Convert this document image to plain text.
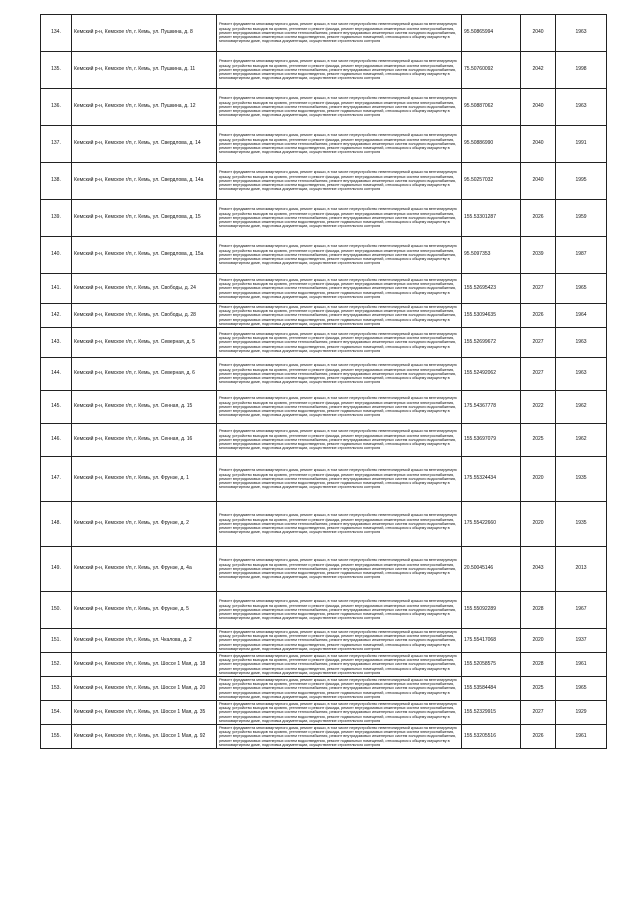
134.	Кемский р-н, Кемское г/п, г. Кемь, ул. Пушкина, д. 8	Ремонт фундамента многоквартирного дома, ремонт крыши, в том числе переустройство невентилируемой крыши на вентилируемую крышу, устройство выходов на кровлю, утепление и ремонт фасада, ремонт внутридомовых инженерных систем электроснабжения, ремонт внутридомовых инженерных систем теплоснабжения, ремонт внутридомовых инженерных систем холодного водоснабжения, ремонт внутридомовых инженерных систем водоотведения, ремонт подвальных помещений, относящихся к общему имуществу в многоквартирном доме, подготовка документации, осуществление строительного контроля	95.50865994	2040	1963
135.	Кемский р-н, Кемское г/п, г. Кемь, ул. Пушкина, д. 11	Ремонт фундамента многоквартирного дома, ремонт крыши, в том числе переустройство невентилируемой крыши на вентилируемую крышу, устройство выходов на кровлю, утепление и ремонт фасада, ремонт внутридомовых инженерных систем электроснабжения, ремонт внутридомовых инженерных систем теплоснабжения, ремонт внутридомовых инженерных систем холодного водоснабжения, ремонт внутридомовых инженерных систем водоотведения, ремонт подвальных помещений, относящихся к общему имуществу в многоквартирном доме, подготовка документации, осуществление строительного контроля	75.50760092	2042	1998
136.	Кемский р-н, Кемское г/п, г. Кемь, ул. Пушкина, д. 12	Ремонт фундамента многоквартирного дома, ремонт крыши, в том числе переустройство невентилируемой крыши на вентилируемую крышу, устройство выходов на кровлю, утепление и ремонт фасада, ремонт внутридомовых инженерных систем электроснабжения, ремонт внутридомовых инженерных систем теплоснабжения, ремонт внутридомовых инженерных систем холодного водоснабжения, ремонт внутридомовых инженерных систем водоотведения, ремонт подвальных помещений, относящихся к общему имуществу в многоквартирном доме, подготовка документации, осуществление строительного контроля	95.50887062	2040	1963
137.	Кемский р-н, Кемское г/п, г. Кемь, ул. Свердлова, д. 14	Ремонт фундамента многоквартирного дома, ремонт крыши, в том числе переустройство невентилируемой крыши на вентилируемую крышу, устройство выходов на кровлю, утепление и ремонт фасада, ремонт внутридомовых инженерных систем электроснабжения, ремонт внутридомовых инженерных систем теплоснабжения, ремонт внутридомовых инженерных систем холодного водоснабжения, ремонт внутридомовых инженерных систем водоотведения, ремонт подвальных помещений, относящихся к общему имуществу в многоквартирном доме, подготовка документации, осуществление строительного контроля	95.50886990	2040	1991
138.	Кемский р-н, Кемское г/п, г. Кемь, ул. Свердлова, д. 14а	Ремонт фундамента многоквартирного дома, ремонт крыши, в том числе переустройство невентилируемой крыши на вентилируемую крышу, устройство выходов на кровлю, утепление и ремонт фасада, ремонт внутридомовых инженерных систем электроснабжения, ремонт внутридомовых инженерных систем теплоснабжения, ремонт внутридомовых инженерных систем холодного водоснабжения, ремонт внутридомовых инженерных систем водоотведения, ремонт подвальных помещений, относящихся к общему имуществу в многоквартирном доме, подготовка документации, осуществление строительного контроля	95.50257032	2040	1995
139.	Кемский р-н, Кемское г/п, г. Кемь, ул. Свердлова, д. 15	Ремонт фундамента многоквартирного дома, ремонт крыши, в том числе переустройство невентилируемой крыши на вентилируемую крышу, устройство выходов на кровлю, утепление и ремонт фасада, ремонт внутридомовых инженерных систем электроснабжения, ремонт внутридомовых инженерных систем теплоснабжения, ремонт внутридомовых инженерных систем холодного водоснабжения, ремонт внутридомовых инженерных систем водоотведения, ремонт подвальных помещений, относящихся к общему имуществу в многоквартирном доме, подготовка документации, осуществление строительного контроля	155.53301287	2026	1959
140.	Кемский р-н, Кемское г/п, г. Кемь, ул. Свердлова, д. 15а	Ремонт фундамента многоквартирного дома, ремонт крыши, в том числе переустройство невентилируемой крыши на вентилируемую крышу, устройство выходов на кровлю, утепление и ремонт фасада, ремонт внутридомовых инженерных систем электроснабжения, ремонт внутридомовых инженерных систем теплоснабжения, ремонт внутридомовых инженерных систем холодного водоснабжения, ремонт внутридомовых инженерных систем водоотведения, ремонт подвальных помещений, относящихся к общему имуществу в многоквартирном доме, подготовка документации, осуществление строительного контроля	95.5097353	2039	1987
141.	Кемский р-н, Кемское г/п, г. Кемь, ул. Свободы, д. 24	Ремонт фундамента многоквартирного дома, ремонт крыши, в том числе переустройство невентилируемой крыши на вентилируемую крышу, устройство выходов на кровлю, утепление и ремонт фасада, ремонт внутридомовых инженерных систем электроснабжения, ремонт внутридомовых инженерных систем теплоснабжения, ремонт внутридомовых инженерных систем холодного водоснабжения, ремонт внутридомовых инженерных систем водоотведения, ремонт подвальных помещений, относящихся к общему имуществу в многоквартирном доме, подготовка документации, осуществление строительного контроля	155.52695423	2027	1965
142.	Кемский р-н, Кемское г/п, г. Кемь, ул. Свободы, д. 28	Ремонт фундамента многоквартирного дома, ремонт крыши, в том числе переустройство невентилируемой крыши на вентилируемую крышу, устройство выходов на кровлю, утепление и ремонт фасада, ремонт внутридомовых инженерных систем электроснабжения, ремонт внутридомовых инженерных систем теплоснабжения, ремонт внутридомовых инженерных систем холодного водоснабжения, ремонт внутридомовых инженерных систем водоотведения, ремонт подвальных помещений, относящихся к общему имуществу в многоквартирном доме, подготовка документации, осуществление строительного контроля	155.53094635	2026	1964
143.	Кемский р-н, Кемское г/п, г. Кемь, ул. Северная, д. 5	Ремонт фундамента многоквартирного дома, ремонт крыши, в том числе переустройство невентилируемой крыши на вентилируемую крышу, устройство выходов на кровлю, утепление и ремонт фасада, ремонт внутридомовых инженерных систем электроснабжения, ремонт внутридомовых инженерных систем теплоснабжения, ремонт внутридомовых инженерных систем холодного водоснабжения, ремонт внутридомовых инженерных систем водоотведения, ремонт подвальных помещений, относящихся к общему имуществу в многоквартирном доме, подготовка документации, осуществление строительного контроля	155.52699672	2027	1963
144.	Кемский р-н, Кемское г/п, г. Кемь, ул. Северная, д. 6	Ремонт фундамента многоквартирного дома, ремонт крыши, в том числе переустройство невентилируемой крыши на вентилируемую крышу, устройство выходов на кровлю, утепление и ремонт фасада, ремонт внутридомовых инженерных систем электроснабжения, ремонт внутридомовых инженерных систем теплоснабжения, ремонт внутридомовых инженерных систем холодного водоснабжения, ремонт внутридомовых инженерных систем водоотведения, ремонт подвальных помещений, относящихся к общему имуществу в многоквартирном доме, подготовка документации, осуществление строительного контроля	155.52492062	2027	1963
145.	Кемский р-н, Кемское г/п, г. Кемь, ул. Сенная, д. 15	Ремонт фундамента многоквартирного дома, ремонт крыши, в том числе переустройство невентилируемой крыши на вентилируемую крышу, устройство выходов на кровлю, утепление и ремонт фасада, ремонт внутридомовых инженерных систем электроснабжения, ремонт внутридомовых инженерных систем теплоснабжения, ремонт внутридомовых инженерных систем холодного водоснабжения, ремонт внутридомовых инженерных систем водоотведения, ремонт подвальных помещений, относящихся к общему имуществу в многоквартирном доме, подготовка документации, осуществление строительного контроля	175.54367778	2022	1962
146.	Кемский р-н, Кемское г/п, г. Кемь, ул. Сенная, д. 16	Ремонт фундамента многоквартирного дома, ремонт крыши, в том числе переустройство невентилируемой крыши на вентилируемую крышу, устройство выходов на кровлю, утепление и ремонт фасада, ремонт внутридомовых инженерных систем электроснабжения, ремонт внутридомовых инженерных систем теплоснабжения, ремонт внутридомовых инженерных систем холодного водоснабжения, ремонт внутридомовых инженерных систем водоотведения, ремонт подвальных помещений, относящихся к общему имуществу в многоквартирном доме, подготовка документации, осуществление строительного контроля	155.53697079	2025	1962
147.	Кемский р-н, Кемское г/п, г. Кемь, ул. Фрунзе, д. 1	Ремонт фундамента многоквартирного дома, ремонт крыши, в том числе переустройство невентилируемой крыши на вентилируемую крышу, устройство выходов на кровлю, утепление и ремонт фасада, ремонт внутридомовых инженерных систем электроснабжения, ремонт внутридомовых инженерных систем теплоснабжения, ремонт внутридомовых инженерных систем холодного водоснабжения, ремонт внутридомовых инженерных систем водоотведения, ремонт подвальных помещений, относящихся к общему имуществу в многоквартирном доме, подготовка документации, осуществление строительного контроля	175.55324434	2020	1935
148.	Кемский р-н, Кемское г/п, г. Кемь, ул. Фрунзе, д. 2	Ремонт фундамента многоквартирного дома, ремонт крыши, в том числе переустройство невентилируемой крыши на вентилируемую крышу, устройство выходов на кровлю, утепление и ремонт фасада, ремонт внутридомовых инженерных систем электроснабжения, ремонт внутридомовых инженерных систем теплоснабжения, ремонт внутридомовых инженерных систем холодного водоснабжения, ремонт внутридомовых инженерных систем водоотведения, ремонт подвальных помещений, относящихся к общему имуществу в многоквартирном доме, подготовка документации, осуществление строительного контроля	175.55422660	2020	1935
149.	Кемский р-н, Кемское г/п, г. Кемь, ул. Фрунзе, д. 4а	Ремонт фундамента многоквартирного дома, ремонт крыши, в том числе переустройство невентилируемой крыши на вентилируемую крышу, устройство выходов на кровлю, утепление и ремонт фасада, ремонт внутридомовых инженерных систем электроснабжения, ремонт внутридомовых инженерных систем теплоснабжения, ремонт внутридомовых инженерных систем холодного водоснабжения, ремонт внутридомовых инженерных систем водоотведения, ремонт подвальных помещений, относящихся к общему имуществу в многоквартирном доме, подготовка документации, осуществление строительного контроля	20.50045146	2043	2013
150.	Кемский р-н, Кемское г/п, г. Кемь, ул. Фрунзе, д. 5	Ремонт фундамента многоквартирного дома, ремонт крыши, в том числе переустройство невентилируемой крыши на вентилируемую крышу, устройство выходов на кровлю, утепление и ремонт фасада, ремонт внутридомовых инженерных систем электроснабжения, ремонт внутридомовых инженерных систем теплоснабжения, ремонт внутридомовых инженерных систем холодного водоснабжения, ремонт внутридомовых инженерных систем водоотведения, ремонт подвальных помещений, относящихся к общему имуществу в многоквартирном доме, подготовка документации, осуществление строительного контроля	155.55092289	2028	1967
151.	Кемский р-н, Кемское г/п, г. Кемь, ул. Чкалова, д. 2	Ремонт фундамента многоквартирного дома, ремонт крыши, в том числе переустройство невентилируемой крыши на вентилируемую крышу, устройство выходов на кровлю, утепление и ремонт фасада, ремонт внутридомовых инженерных систем электроснабжения, ремонт внутридомовых инженерных систем теплоснабжения, ремонт внутридомовых инженерных систем холодного водоснабжения, ремонт внутридомовых инженерных систем водоотведения, ремонт подвальных помещений, относящихся к общему имуществу в многоквартирном доме, подготовка документации, осуществление строительного контроля	175.55417068	2020	1937
152.	Кемский р-н, Кемское г/п, г. Кемь, ул. Шоссе 1 Мая, д. 18	Ремонт фундамента многоквартирного дома, ремонт крыши, в том числе переустройство невентилируемой крыши на вентилируемую крышу, устройство выходов на кровлю, утепление и ремонт фасада, ремонт внутридомовых инженерных систем электроснабжения, ремонт внутридомовых инженерных систем теплоснабжения, ремонт внутридомовых инженерных систем холодного водоснабжения, ремонт внутридомовых инженерных систем водоотведения, ремонт подвальных помещений, относящихся к общему имуществу в многоквартирном доме, подготовка документации, осуществление строительного контроля	155.52058575	2028	1961
153.	Кемский р-н, Кемское г/п, г. Кемь, ул. Шоссе 1 Мая, д. 20	Ремонт фундамента многоквартирного дома, ремонт крыши, в том числе переустройство невентилируемой крыши на вентилируемую крышу, устройство выходов на кровлю, утепление и ремонт фасада, ремонт внутридомовых инженерных систем электроснабжения, ремонт внутридомовых инженерных систем теплоснабжения, ремонт внутридомовых инженерных систем холодного водоснабжения, ремонт внутридомовых инженерных систем водоотведения, ремонт подвальных помещений, относящихся к общему имуществу в многоквартирном доме, подготовка документации, осуществление строительного контроля	155.53584484	2025	1965
154.	Кемский р-н, Кемское г/п, г. Кемь, ул. Шоссе 1 Мая, д. 35	Ремонт фундамента многоквартирного дома, ремонт крыши, в том числе переустройство невентилируемой крыши на вентилируемую крышу, устройство выходов на кровлю, утепление и ремонт фасада, ремонт внутридомовых инженерных систем электроснабжения, ремонт внутридомовых инженерных систем теплоснабжения, ремонт внутридомовых инженерных систем холодного водоснабжения, ремонт внутридомовых инженерных систем водоотведения, ремонт подвальных помещений, относящихся к общему имуществу в многоквартирном доме, подготовка документации, осуществление строительного контроля	155.52329915	2027	1929
155.	Кемский р-н, Кемское г/п, г. Кемь, ул. Шоссе 1 Мая, д. 92	Ремонт фундамента многоквартирного дома, ремонт крыши, в том числе переустройство невентилируемой крыши на вентилируемую крышу, устройство выходов на кровлю, утепление и ремонт фасада, ремонт внутридомовых инженерных систем электроснабжения, ремонт внутридомовых инженерных систем теплоснабжения, ремонт внутридомовых инженерных систем холодного водоснабжения, ремонт внутридомовых инженерных систем водоотведения, ремонт подвальных помещений, относящихся к общему имуществу в многоквартирном доме, подготовка документации, осуществление строительного контроля	155.53205516	2026	1961
